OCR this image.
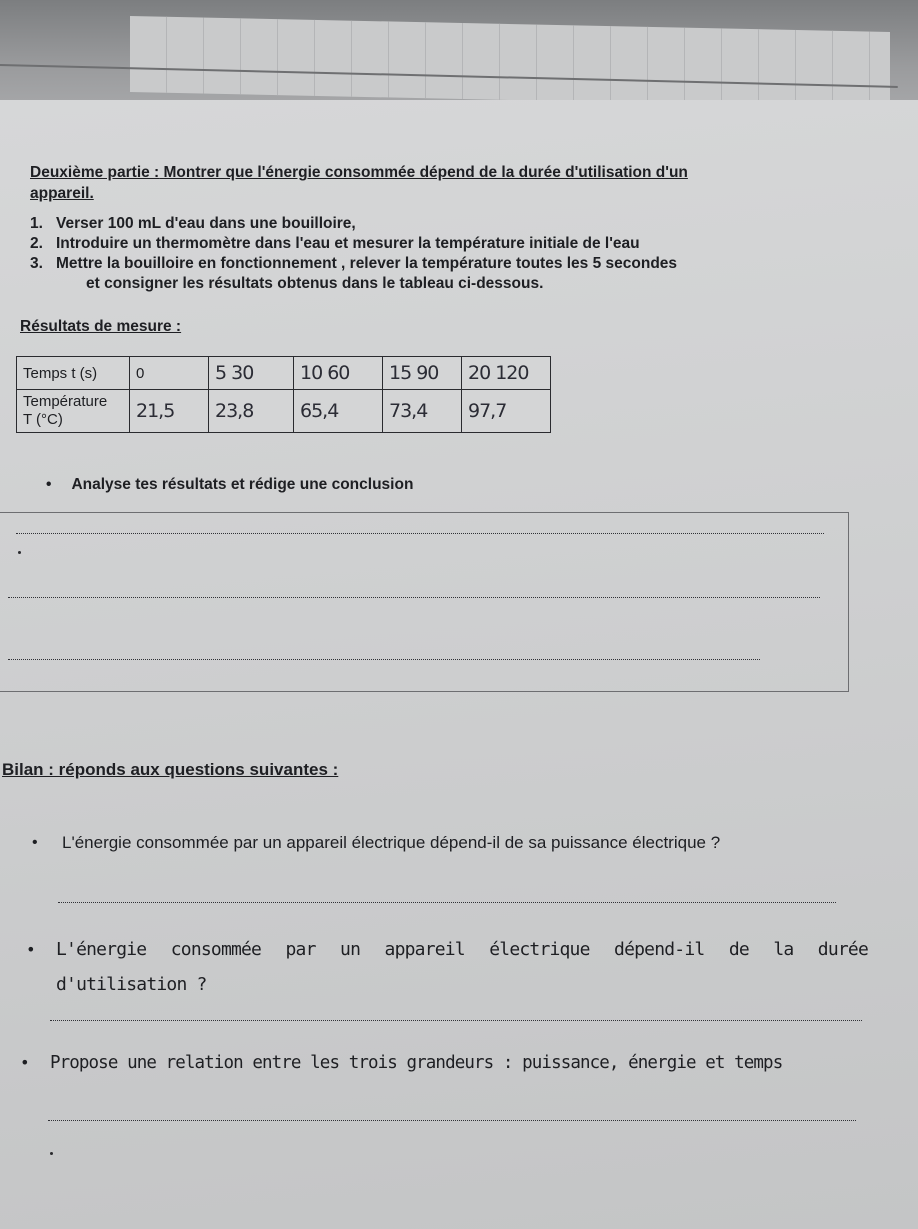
Deuxième partie : Montrer que l'énergie consommée dépend de la durée d'utilisation d'un
appareil.
1. Verser 100 mL d'eau dans une bouilloire,
2. Introduire un thermomètre dans l'eau et mesurer la température initiale de l'eau
3. Mettre la bouilloire en fonctionnement , relever la température toutes les 5 secondes
et consigner les résultats obtenus dans le tableau ci-dessous.
Résultats de mesure :
Temps t (s)	0	5 30	10 60	15 90	20 120
Température
T (°C)	21,5	23,8	65,4	73,4	97,7
• Analyse tes résultats et rédige une conclusion
Bilan : réponds aux questions suivantes :
•	L'énergie consommée par un appareil électrique dépend-il de sa puissance électrique ?
•	L'énergie consommée par un appareil électrique dépend-il de la durée d'utilisation ?
•	Propose une relation entre les trois grandeurs : puissance, énergie et temps
